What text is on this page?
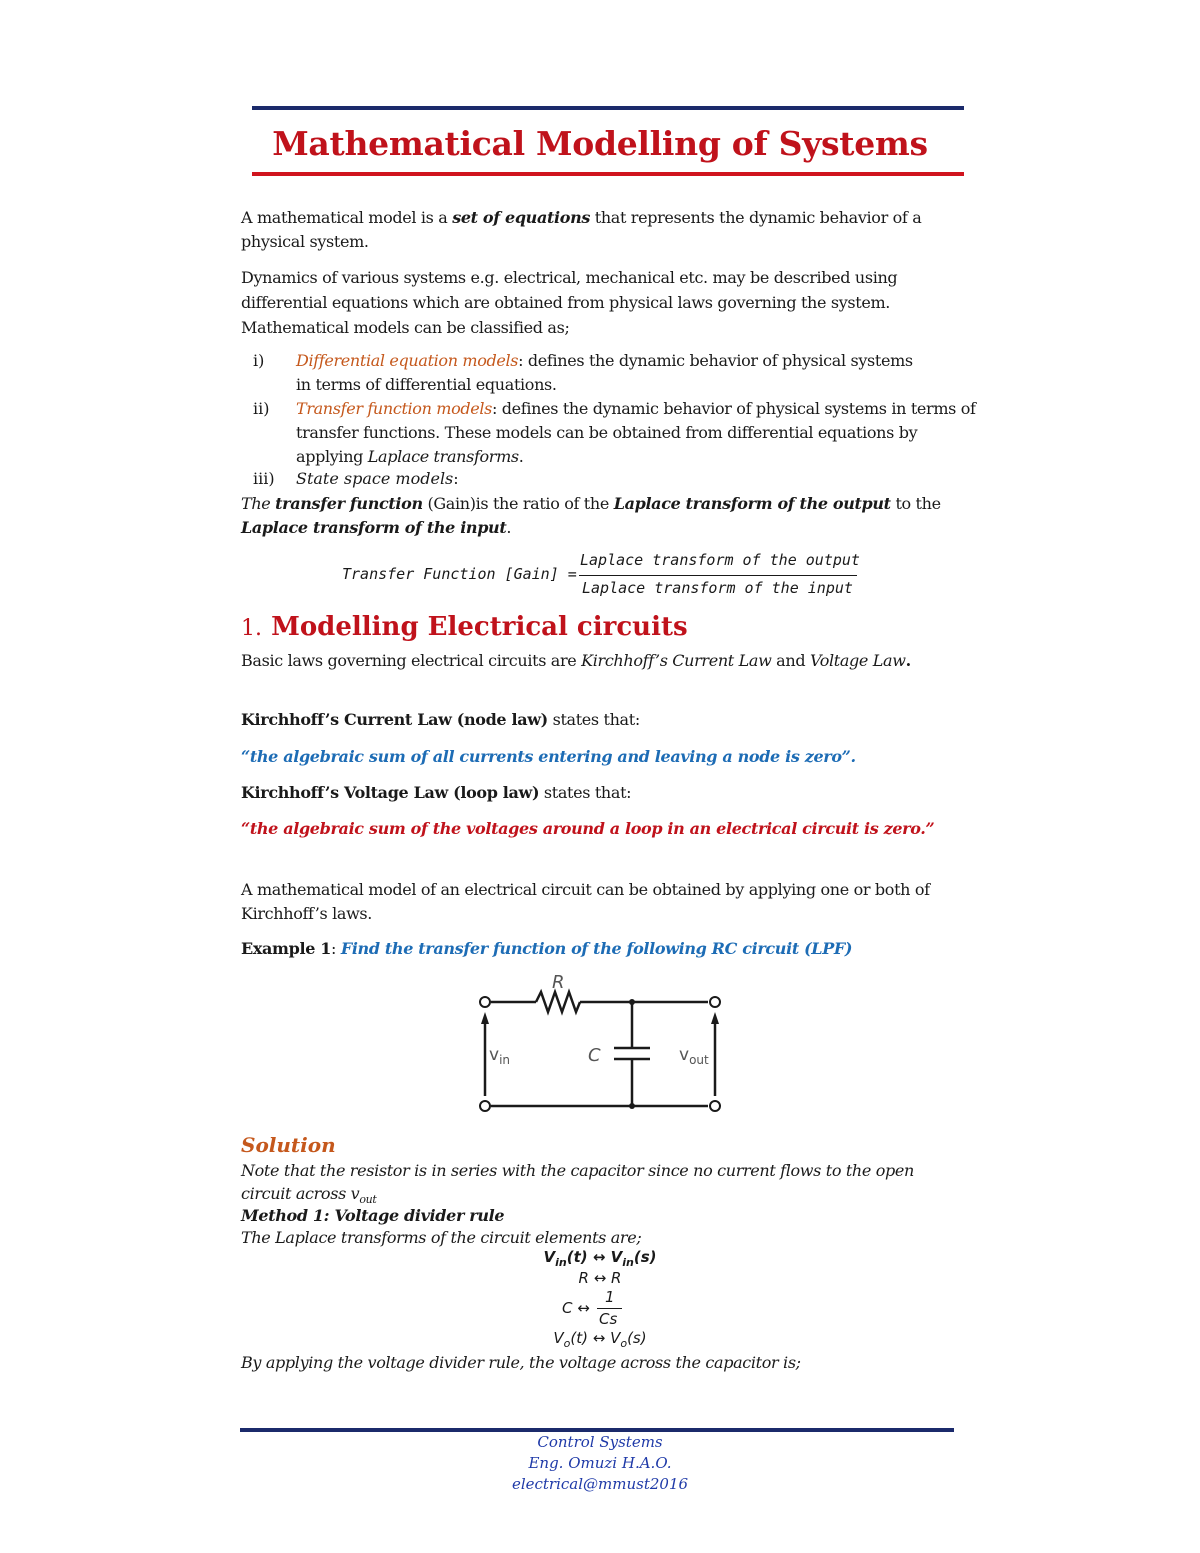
Mathematical Modelling of Systems
A mathematical model is a set of equations that represents the dynamic behavior of a physical system.
Dynamics of various systems e.g. electrical, mechanical etc. may be described using differential equations which are obtained from physical laws governing the system. Mathematical models can be classified as;
i) Differential equation models: defines the dynamic behavior of physical systems in terms of differential equations.
ii) Transfer function models: defines the dynamic behavior of physical systems in terms of transfer functions. These models can be obtained from differential equations by applying Laplace transforms.
iii) State space models:
The transfer function (Gain)is the ratio of the Laplace transform of the output to the Laplace transform of the input.
Transfer Function [Gain] =
Laplace transform of the output
Laplace transform of the input
1. Modelling Electrical circuits
Basic laws governing electrical circuits are Kirchhoff’s Current Law and Voltage Law.
Kirchhoff’s Current Law (node law) states that:
“the algebraic sum of all currents entering and leaving a node is zero”.
Kirchhoff’s Voltage Law (loop law) states that:
“the algebraic sum of the voltages around a loop in an electrical circuit is zero.”
A mathematical model of an electrical circuit can be obtained by applying one or both of Kirchhoff’s laws.
Example 1: Find the transfer function of the following RC circuit (LPF)
R
C
$v_{in}$	$v_{out}$
Solution
Note that the resistor is in series with the capacitor since no current flows to the open circuit across $v_{out}$
Method 1: Voltage divider rule
The Laplace transforms of the circuit elements are;
$V_{in}(t)$ ↔ $V_{in}(s)$
R ↔ R
C ↔
1
Cs
$V_o(t)$ ↔ $V_o(s)$
By applying the voltage divider rule, the voltage across the capacitor is;
Control Systems
Eng. Omuzi H.A.O.
electrical@mmust2016
